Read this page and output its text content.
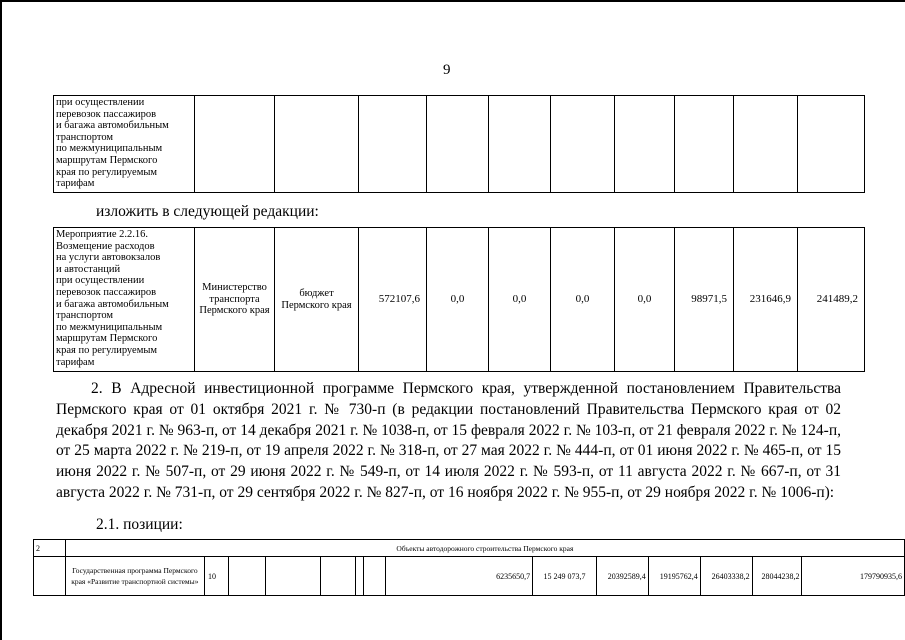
9
при осуществлении
перевозок пассажиров
и багажа автомобильным
транспортом
по межмуниципальным
маршрутам Пермского
края по регулируемым
тарифам

изложить в следующей редакции:
Мероприятие 2.2.16.
Возмещение расходов
на услуги автовокзалов
и автостанций
при осуществлении
перевозок пассажиров
и багажа автомобильным
транспортом
по межмуниципальным
маршрутам Пермского
края по регулируемым
тарифам
	Министерство транспорта Пермского края	бюджет Пермского края	572107,6	0,0	0,0	0,0	0,0	98971,5	231646,9	241489,2
2. В Адресной инвестиционной программе Пермского края, утвержденной постановлением Правительства Пермского края от 01 октября 2021 г. № 730-п (в редакции постановлений Правительства Пермского края от 02 декабря 2021 г. № 963-п, от 14 декабря 2021 г. № 1038-п, от 15 февраля 2022 г. № 103-п, от 21 февраля 2022 г. № 124-п, от 25 марта 2022 г. № 219-п, от 19 апреля 2022 г. № 318-п, от 27 мая 2022 г. № 444-п, от 01 июня 2022 г. № 465-п, от 15 июня 2022 г. № 507-п, от 29 июня 2022 г. № 549-п, от 14 июля 2022 г. № 593-п, от 11 августа 2022 г. № 667-п, от 31 августа 2022 г. № 731-п, от 29 сентября 2022 г. № 827-п, от 16 ноября 2022 г. № 955-п, от 29 ноября 2022 г. № 1006-п):
2.1. позиции:
2	Объекты автодорожного строительства Пермского края													
	Государственная программа Пермского края «Развитие транспортной системы»	10						6235650,7	15 249 073,7	20392589,4	19195762,4	26403338,2	28044238,2	179790935,6
